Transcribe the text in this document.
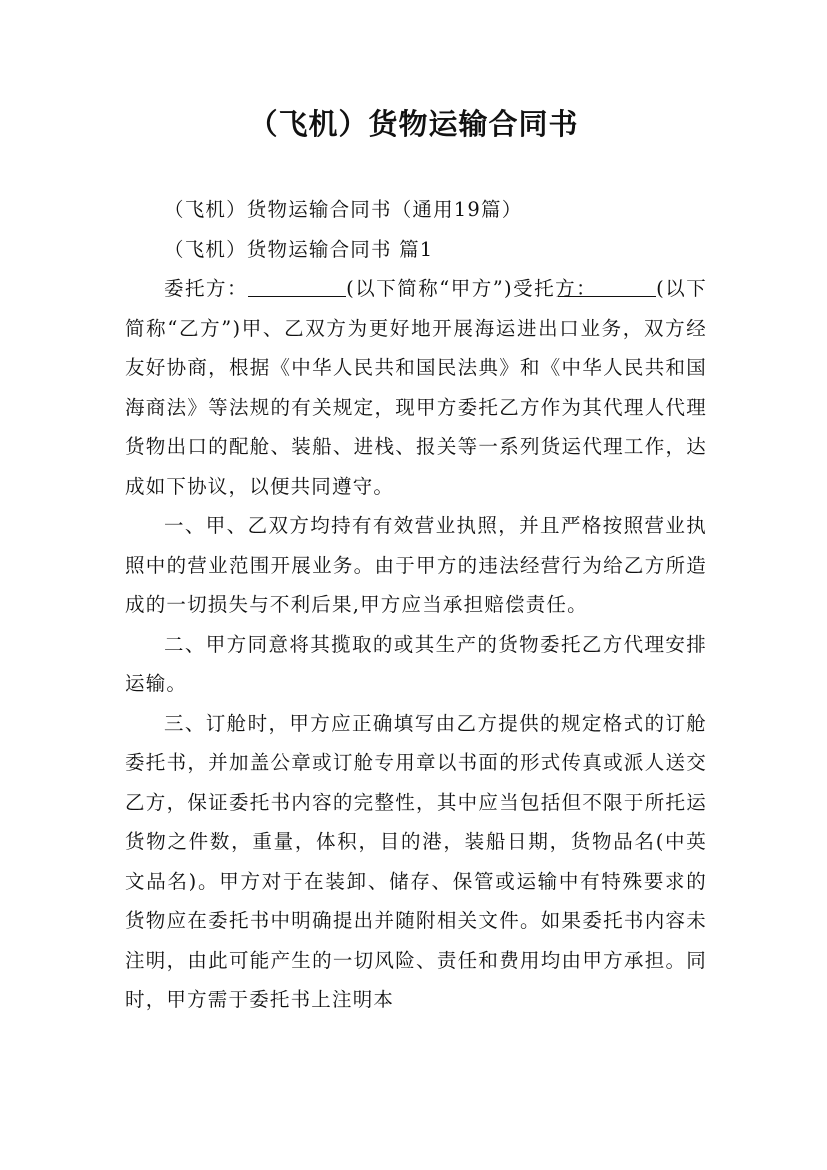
（飞机）货物运输合同书

（飞机）货物运输合同书（通用19篇）

（飞机）货物运输合同书 篇1

委托方：	(以下简称“甲方”)受托方：	(以下简称“乙方”)甲、乙双方为更好地开展海运进出口业务，双方经友好协商，根据《中华人民共和国民法典》和《中华人民共和国海商法》等法规的有关规定，现甲方委托乙方作为其代理人代理货物出口的配舱、装船、进栈、报关等一系列货运代理工作，达成如下协议，以便共同遵守。

一、甲、乙双方均持有有效营业执照，并且严格按照营业执照中的营业范围开展业务。由于甲方的违法经营行为给乙方所造成的一切损失与不利后果,甲方应当承担赔偿责任。

二、甲方同意将其揽取的或其生产的货物委托乙方代理安排运输。

三、订舱时，甲方应正确填写由乙方提供的规定格式的订舱委托书，并加盖公章或订舱专用章以书面的形式传真或派人送交乙方，保证委托书内容的完整性，其中应当包括但不限于所托运货物之件数，重量，体积，目的港，装船日期，货物品名(中英文品名)。甲方对于在装卸、储存、保管或运输中有特殊要求的货物应在委托书中明确提出并随附相关文件。如果委托书内容未注明，由此可能产生的一切风险、责任和费用均由甲方承担。同时，甲方需于委托书上注明本
